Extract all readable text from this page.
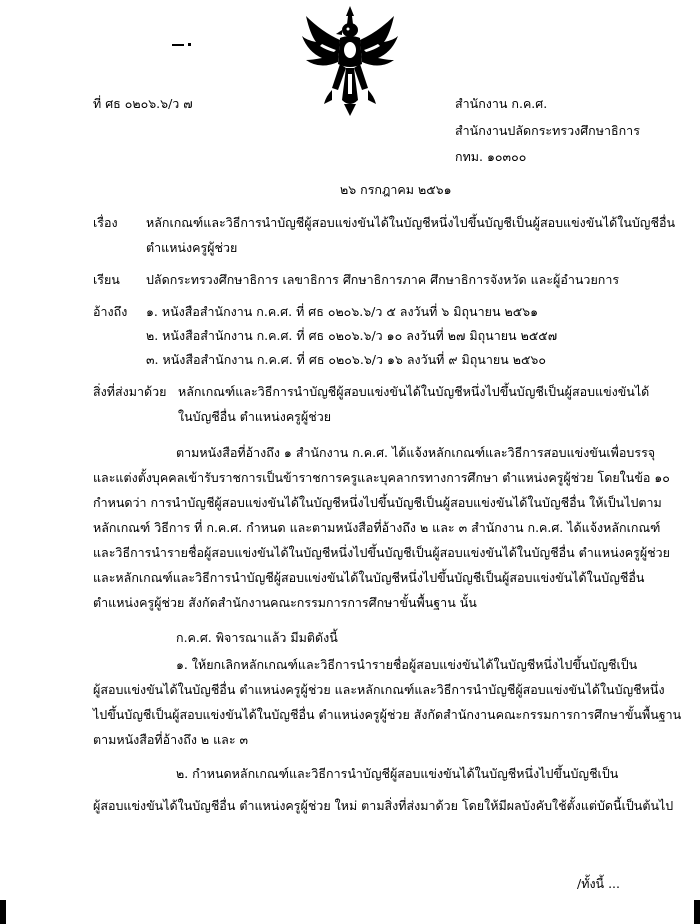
ที่ ศธ ๐๒๐๖.๖/ว ๗	สำนักงาน ก.ค.ศ.
สำนักงานปลัดกระทรวงศึกษาธิการ
กทม. ๑๐๓๐๐
๒๖ กรกฎาคม ๒๕๖๑
เรื่อง หลักเกณฑ์และวิธีการนำบัญชีผู้สอบแข่งขันได้ในบัญชีหนึ่งไปขึ้นบัญชีเป็นผู้สอบแข่งขันได้ในบัญชีอื่น
ตำแหน่งครูผู้ช่วย
เรียน ปลัดกระทรวงศึกษาธิการ เลขาธิการ ศึกษาธิการภาค ศึกษาธิการจังหวัด และผู้อำนวยการ
อ้างถึง ๑. หนังสือสำนักงาน ก.ค.ศ. ที่ ศธ ๐๒๐๖.๖/ว ๕ ลงวันที่ ๖ มิถุนายน ๒๕๖๑
๒. หนังสือสำนักงาน ก.ค.ศ. ที่ ศธ ๐๒๐๖.๖/ว ๑๐ ลงวันที่ ๒๗ มิถุนายน ๒๕๕๗
๓. หนังสือสำนักงาน ก.ค.ศ. ที่ ศธ ๐๒๐๖.๖/ว ๑๖ ลงวันที่ ๙ มิถุนายน ๒๕๖๐
สิ่งที่ส่งมาด้วย หลักเกณฑ์และวิธีการนำบัญชีผู้สอบแข่งขันได้ในบัญชีหนึ่งไปขึ้นบัญชีเป็นผู้สอบแข่งขันได้
ในบัญชีอื่น ตำแหน่งครูผู้ช่วย
ตามหนังสือที่อ้างถึง ๑ สำนักงาน ก.ค.ศ. ได้แจ้งหลักเกณฑ์และวิธีการสอบแข่งขันเพื่อบรรจุ
และแต่งตั้งบุคคลเข้ารับราชการเป็นข้าราชการครูและบุคลากรทางการศึกษา ตำแหน่งครูผู้ช่วย โดยในข้อ ๑๐
กำหนดว่า การนำบัญชีผู้สอบแข่งขันได้ในบัญชีหนึ่งไปขึ้นบัญชีเป็นผู้สอบแข่งขันได้ในบัญชีอื่น ให้เป็นไปตาม
หลักเกณฑ์ วิธีการ ที่ ก.ค.ศ. กำหนด และตามหนังสือที่อ้างถึง ๒ และ ๓ สำนักงาน ก.ค.ศ. ได้แจ้งหลักเกณฑ์
และวิธีการนำรายชื่อผู้สอบแข่งขันได้ในบัญชีหนึ่งไปขึ้นบัญชีเป็นผู้สอบแข่งขันได้ในบัญชีอื่น ตำแหน่งครูผู้ช่วย
และหลักเกณฑ์และวิธีการนำบัญชีผู้สอบแข่งขันได้ในบัญชีหนึ่งไปขึ้นบัญชีเป็นผู้สอบแข่งขันได้ในบัญชีอื่น
ตำแหน่งครูผู้ช่วย สังกัดสำนักงานคณะกรรมการการศึกษาขั้นพื้นฐาน นั้น
ก.ค.ศ. พิจารณาแล้ว มีมติดังนี้
๑. ให้ยกเลิกหลักเกณฑ์และวิธีการนำรายชื่อผู้สอบแข่งขันได้ในบัญชีหนึ่งไปขึ้นบัญชีเป็น
ผู้สอบแข่งขันได้ในบัญชีอื่น ตำแหน่งครูผู้ช่วย และหลักเกณฑ์และวิธีการนำบัญชีผู้สอบแข่งขันได้ในบัญชีหนึ่ง
ไปขึ้นบัญชีเป็นผู้สอบแข่งขันได้ในบัญชีอื่น ตำแหน่งครูผู้ช่วย สังกัดสำนักงานคณะกรรมการการศึกษาขั้นพื้นฐาน
ตามหนังสือที่อ้างถึง ๒ และ ๓
๒. กำหนดหลักเกณฑ์และวิธีการนำบัญชีผู้สอบแข่งขันได้ในบัญชีหนึ่งไปขึ้นบัญชีเป็น
ผู้สอบแข่งขันได้ในบัญชีอื่น ตำแหน่งครูผู้ช่วย ใหม่ ตามสิ่งที่ส่งมาด้วย โดยให้มีผลบังคับใช้ตั้งแต่บัดนี้เป็นต้นไป
/ทั้งนี้ ...
